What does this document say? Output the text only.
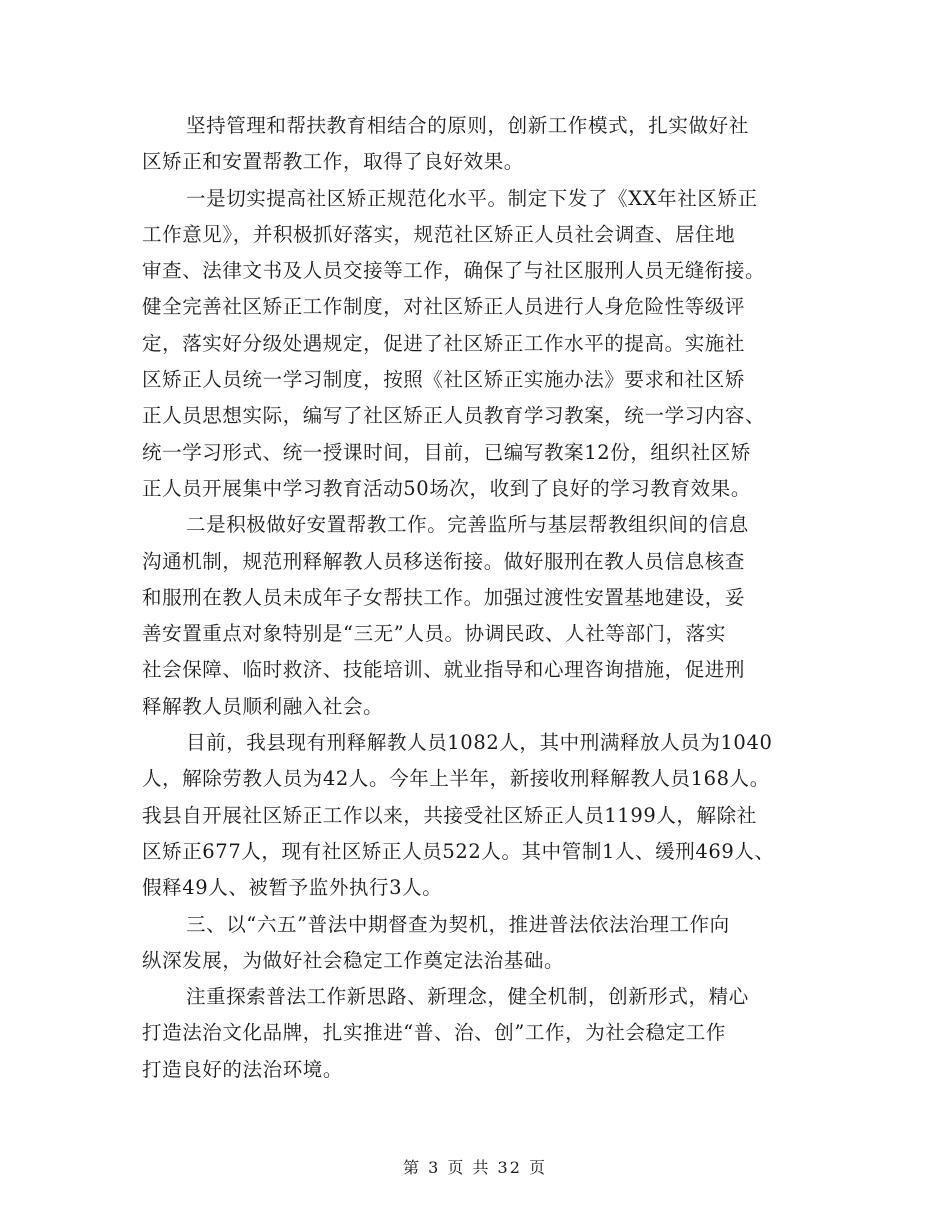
坚持管理和帮扶教育相结合的原则，创新工作模式，扎实做好社
区矫正和安置帮教工作，取得了良好效果。
一是切实提高社区矫正规范化水平。制定下发了《XX年社区矫正
工作意见》，并积极抓好落实，规范社区矫正人员社会调查、居住地
审查、法律文书及人员交接等工作，确保了与社区服刑人员无缝衔接。
健全完善社区矫正工作制度，对社区矫正人员进行人身危险性等级评
定，落实好分级处遇规定，促进了社区矫正工作水平的提高。实施社
区矫正人员统一学习制度，按照《社区矫正实施办法》要求和社区矫
正人员思想实际，编写了社区矫正人员教育学习教案，统一学习内容、
统一学习形式、统一授课时间，目前，已编写教案12份，组织社区矫
正人员开展集中学习教育活动50场次，收到了良好的学习教育效果。
二是积极做好安置帮教工作。完善监所与基层帮教组织间的信息
沟通机制，规范刑释解教人员移送衔接。做好服刑在教人员信息核查
和服刑在教人员未成年子女帮扶工作。加强过渡性安置基地建设，妥
善安置重点对象特别是“三无”人员。协调民政、人社等部门，落实
社会保障、临时救济、技能培训、就业指导和心理咨询措施，促进刑
释解教人员顺利融入社会。
目前，我县现有刑释解教人员1082人，其中刑满释放人员为1040
人，解除劳教人员为42人。今年上半年，新接收刑释解教人员168人。
我县自开展社区矫正工作以来，共接受社区矫正人员1199人，解除社
区矫正677人，现有社区矫正人员522人。其中管制1人、缓刑469人、
假释49人、被暂予监外执行3人。
三、以“六五”普法中期督查为契机，推进普法依法治理工作向
纵深发展，为做好社会稳定工作奠定法治基础。
注重探索普法工作新思路、新理念，健全机制，创新形式，精心
打造法治文化品牌，扎实推进“普、治、创”工作，为社会稳定工作
打造良好的法治环境。
第 3 页 共 32 页
